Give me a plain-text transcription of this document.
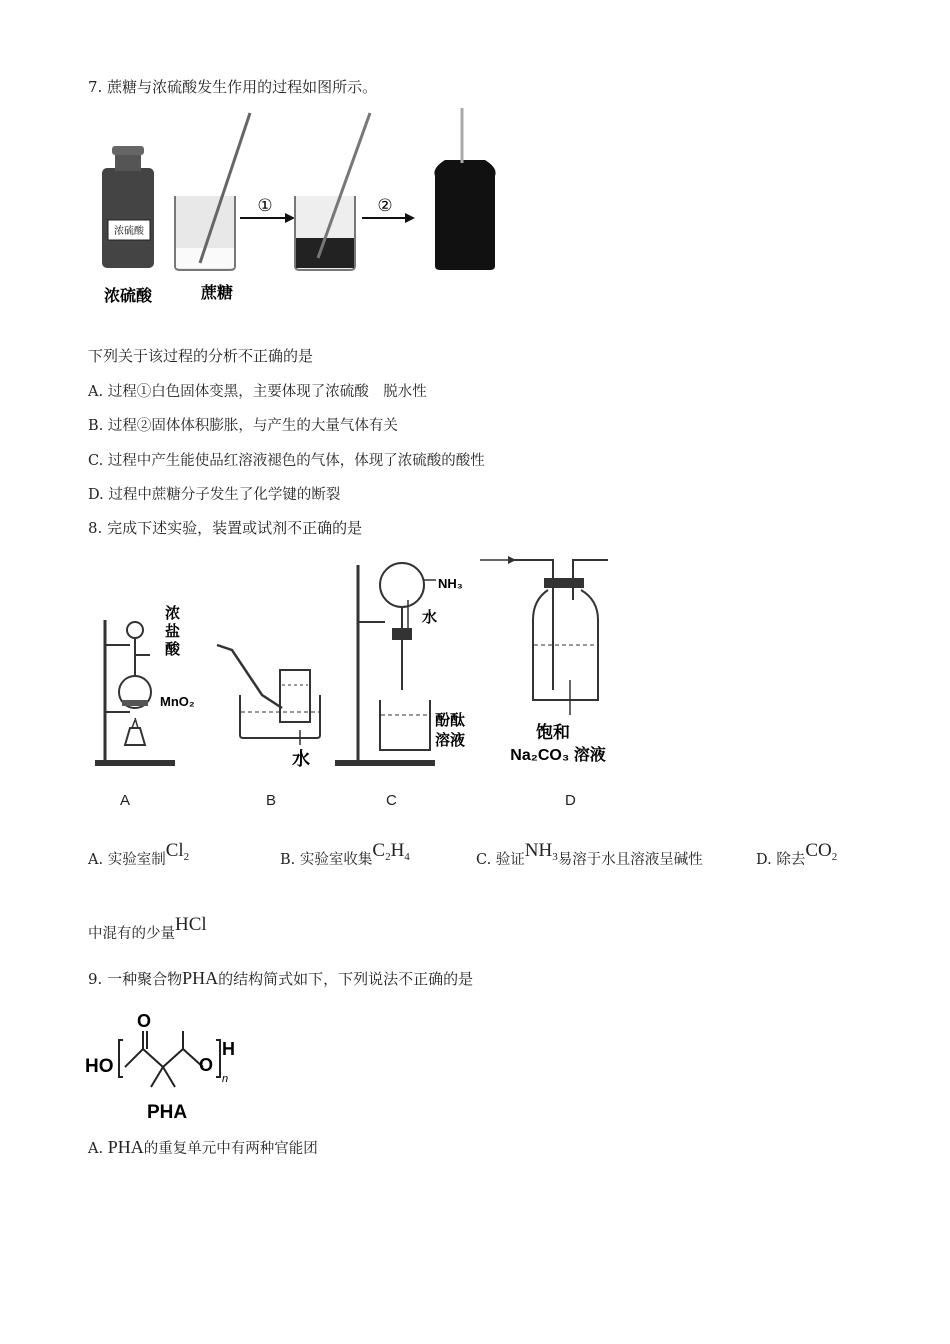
7. 蔗糖与浓硫酸发生作用的过程如图所示。
浓硫酸
①	②
浓硫酸	蔗糖
下列关于该过程的分析不正确的是
A. 过程①白色固体变黑，主要体现了浓硫酸　脱水性
B. 过程②固体体积膨胀，与产生的大量气体有关
C. 过程中产生能使品红溶液褪色的气体，体现了浓硫酸的酸性
D. 过程中蔗糖分子发生了化学键的断裂
8. 完成下述实验，装置或试剂不正确的是
浓
盐
酸
MnO₂
水
NH₃
水
酚酞
溶液	饱和
Na₂CO₃ 溶液
A	B	C	D
A. 实验室制$Cl_2$	B. 实验室收集$C_2H_4$	C. 验证$NH_3$易溶于水且溶液呈碱性	D. 除去$CO_2$
中混有的少量HCl
9. 一种聚合物PHA的结构简式如下，下列说法不正确的是
HO
O
O
H
n
PHA
A. PHA的重复单元中有两种官能团
